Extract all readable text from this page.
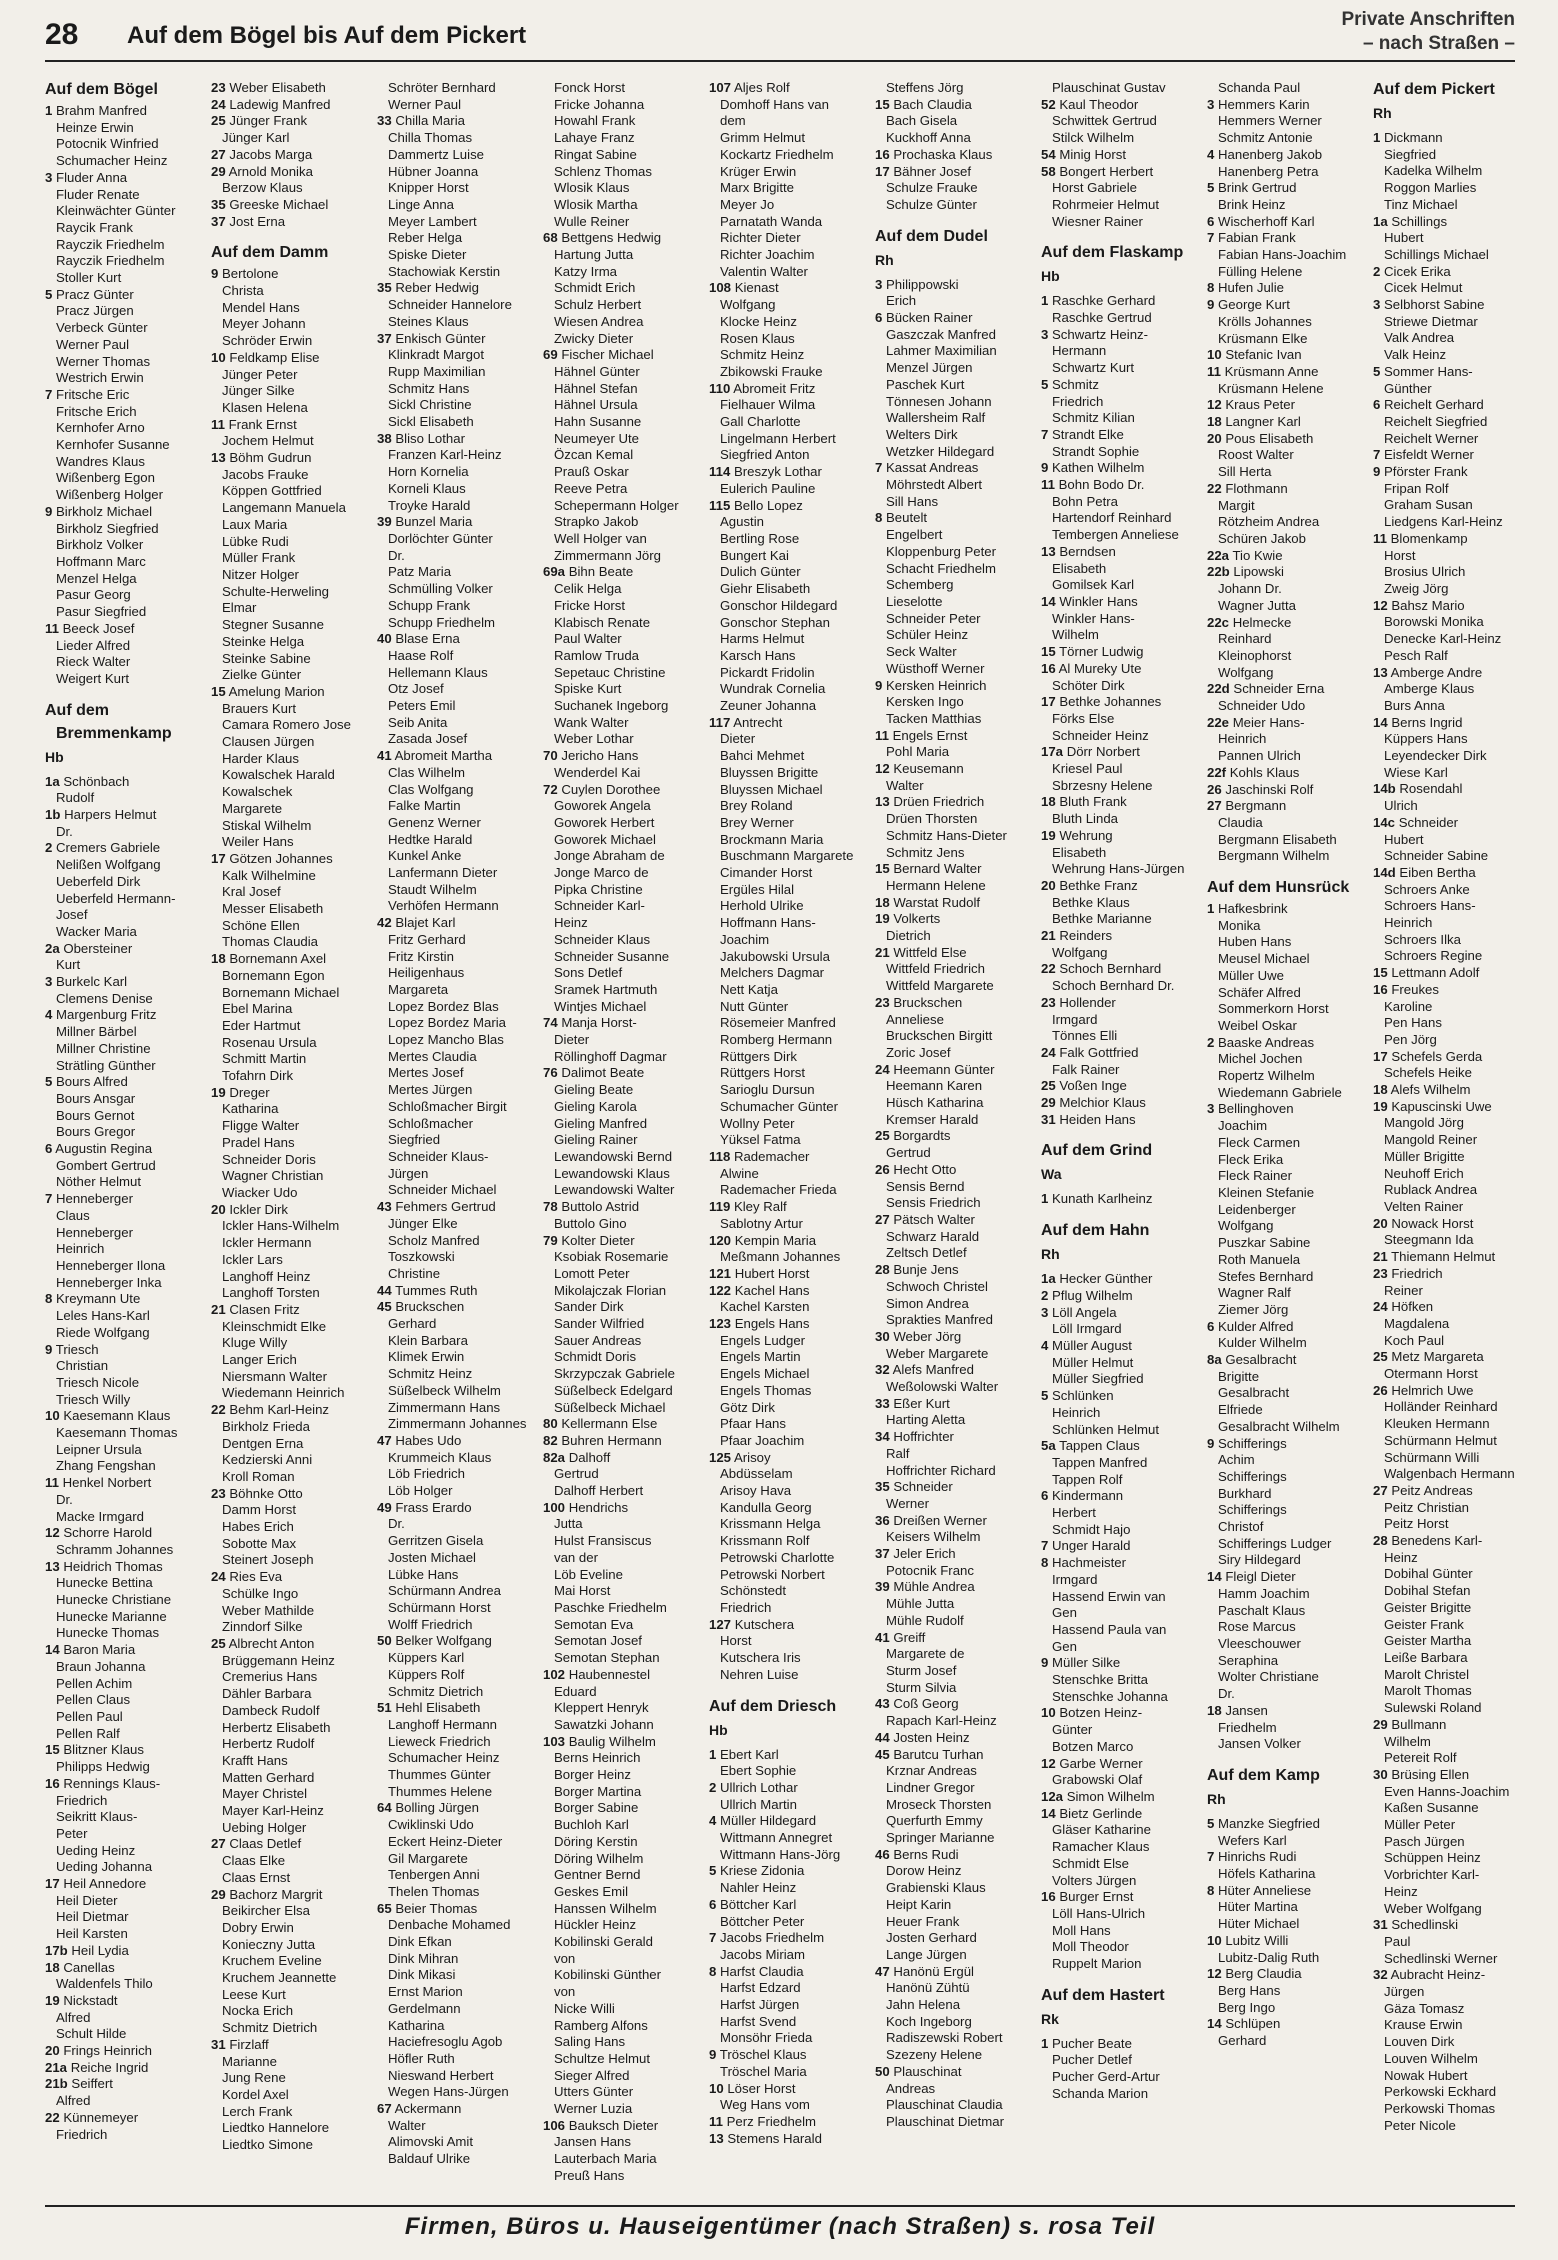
28 Auf dem Bögel bis Auf dem Pickert
Private Anschriften
– nach Straßen –
Auf dem Bögel
1 Brahm Manfred
Heinze Erwin
Potocnik Winfried
Schumacher Heinz
3 Fluder Anna
Fluder Renate
Kleinwächter Günter
Raycik Frank
Rayczik Friedhelm
Rayczik Friedhelm
Stoller Kurt
5 Pracz Günter
Pracz Jürgen
Verbeck Günter
Werner Paul
Werner Thomas
Westrich Erwin
7 Fritsche Eric
Fritsche Erich
Kernhofer Arno
Kernhofer Susanne
Wandres Klaus
Wißenberg Egon
Wißenberg Holger
9 Birkholz Michael
Birkholz Siegfried
Birkholz Volker
Hoffmann Marc
Menzel Helga
Pasur Georg
Pasur Siegfried
11 Beeck Josef
Lieder Alfred
Rieck Walter
Weigert Kurt
Auf dem
Bremmenkamp
Hb
1a Schönbach
Rudolf
1b Harpers Helmut
Dr.
2 Cremers Gabriele
Nelißen Wolfgang
Ueberfeld Dirk
Ueberfeld Hermann-
Josef
Wacker Maria
2a Obersteiner
Kurt
3 Burkelc Karl
Clemens Denise
4 Margenburg Fritz
Millner Bärbel
Millner Christine
Strätling Günther
5 Bours Alfred
Bours Ansgar
Bours Gernot
Bours Gregor
6 Augustin Regina
Gombert Gertrud
Nöther Helmut
7 Henneberger
Claus
Henneberger
Heinrich
Henneberger Ilona
Henneberger Inka
8 Kreymann Ute
Leles Hans-Karl
Riede Wolfgang
9 Triesch
Christian
Triesch Nicole
Triesch Willy
10 Kaesemann Klaus
Kaesemann Thomas
Leipner Ursula
Zhang Fengshan
11 Henkel Norbert
Dr.
Macke Irmgard
12 Schorre Harold
Schramm Johannes
13 Heidrich Thomas
Hunecke Bettina
Hunecke Christiane
Hunecke Marianne
Hunecke Thomas
14 Baron Maria
Braun Johanna
Pellen Achim
Pellen Claus
Pellen Paul
Pellen Ralf
15 Blitzner Klaus
Philipps Hedwig
16 Rennings Klaus-
Friedrich
Seikritt Klaus-
Peter
Ueding Heinz
Ueding Johanna
17 Heil Annedore
Heil Dieter
Heil Dietmar
Heil Karsten
17b Heil Lydia
18 Canellas
Waldenfels Thilo
19 Nickstadt
Alfred
Schult Hilde
20 Frings Heinrich
21a Reiche Ingrid
21b Seiffert
Alfred
22 Künnemeyer
Friedrich
23 Weber Elisabeth
24 Ladewig Manfred
25 Jünger Frank
Jünger Karl
27 Jacobs Marga
29 Arnold Monika
Berzow Klaus
35 Greeske Michael
37 Jost Erna
Auf dem Damm
9 Bertolone
Christa
Mendel Hans
Meyer Johann
Schröder Erwin
10 Feldkamp Elise
Jünger Peter
Jünger Silke
Klasen Helena
11 Frank Ernst
Jochem Helmut
13 Böhm Gudrun
Jacobs Frauke
Köppen Gottfried
Langemann Manuela
Laux Maria
Lübke Rudi
Müller Frank
Nitzer Holger
Schulte-Herweling
Elmar
Stegner Susanne
Steinke Helga
Steinke Sabine
Zielke Günter
15 Amelung Marion
Brauers Kurt
Camara Romero Jose
Clausen Jürgen
Harder Klaus
Kowalschek Harald
Kowalschek
Margarete
Stiskal Wilhelm
Weiler Hans
17 Götzen Johannes
Kalk Wilhelmine
Kral Josef
Messer Elisabeth
Schöne Ellen
Thomas Claudia
18 Bornemann Axel
Bornemann Egon
Bornemann Michael
Ebel Marina
Eder Hartmut
Rosenau Ursula
Schmitt Martin
Tofahrn Dirk
19 Dreger
Katharina
Fligge Walter
Pradel Hans
Schneider Doris
Wagner Christian
Wiacker Udo
20 Ickler Dirk
Ickler Hans-Wilhelm
Ickler Hermann
Ickler Lars
Langhoff Heinz
Langhoff Torsten
21 Clasen Fritz
Kleinschmidt Elke
Kluge Willy
Langer Erich
Niersmann Walter
Wiedemann Heinrich
22 Behm Karl-Heinz
Birkholz Frieda
Dentgen Erna
Kedzierski Anni
Kroll Roman
23 Böhnke Otto
Damm Horst
Habes Erich
Sobotte Max
Steinert Joseph
24 Ries Eva
Schülke Ingo
Weber Mathilde
Zinndorf Silke
25 Albrecht Anton
Brüggemann Heinz
Cremerius Hans
Dähler Barbara
Dambeck Rudolf
Herbertz Elisabeth
Herbertz Rudolf
Krafft Hans
Matten Gerhard
Mayer Christel
Mayer Karl-Heinz
Uebing Holger
27 Claas Detlef
Claas Elke
Claas Ernst
29 Bachorz Margrit
Beikircher Elsa
Dobry Erwin
Konieczny Jutta
Kruchem Eveline
Kruchem Jeannette
Leese Kurt
Nocka Erich
Schmitz Dietrich
31 Firzlaff
Marianne
Jung Rene
Kordel Axel
Lerch Frank
Liedtko Hannelore
Liedtko Simone
Schröter Bernhard
Werner Paul
33 Chilla Maria
Chilla Thomas
Dammertz Luise
Hübner Joanna
Knipper Horst
Linge Anna
Meyer Lambert
Reber Helga
Spiske Dieter
Stachowiak Kerstin
35 Reber Hedwig
Schneider Hannelore
Steines Klaus
37 Enkisch Günter
Klinkradt Margot
Rupp Maximilian
Schmitz Hans
Sickl Christine
Sickl Elisabeth
38 Bliso Lothar
Franzen Karl-Heinz
Horn Kornelia
Korneli Klaus
Troyke Harald
39 Bunzel Maria
Dorlöchter Günter
Dr.
Patz Maria
Schmülling Volker
Schupp Frank
Schupp Friedhelm
40 Blase Erna
Haase Rolf
Hellemann Klaus
Otz Josef
Peters Emil
Seib Anita
Zasada Josef
41 Abromeit Martha
Clas Wilhelm
Clas Wolfgang
Falke Martin
Genenz Werner
Hedtke Harald
Kunkel Anke
Lanfermann Dieter
Staudt Wilhelm
Verhöfen Hermann
42 Blajet Karl
Fritz Gerhard
Fritz Kirstin
Heiligenhaus
Margareta
Lopez Bordez Blas
Lopez Bordez Maria
Lopez Mancho Blas
Mertes Claudia
Mertes Josef
Mertes Jürgen
Schloßmacher Birgit
Schloßmacher
Siegfried
Schneider Klaus-
Jürgen
Schneider Michael
43 Fehmers Gertrud
Jünger Elke
Scholz Manfred
Toszkowski
Christine
44 Tummes Ruth
45 Bruckschen
Gerhard
Klein Barbara
Klimek Erwin
Schmitz Heinz
Süßelbeck Wilhelm
Zimmermann Hans
Zimmermann Johannes
47 Habes Udo
Krummeich Klaus
Löb Friedrich
Löb Holger
49 Frass Erardo
Dr.
Gerritzen Gisela
Josten Michael
Lübke Hans
Schürmann Andrea
Schürmann Horst
Wolff Friedrich
50 Belker Wolfgang
Küppers Karl
Küppers Rolf
Schmitz Dietrich
51 Hehl Elisabeth
Langhoff Hermann
Lieweck Friedrich
Schumacher Heinz
Thummes Günter
Thummes Helene
64 Bolling Jürgen
Cwiklinski Udo
Eckert Heinz-Dieter
Gil Margarete
Tenbergen Anni
Thelen Thomas
65 Beier Thomas
Denbache Mohamed
Dink Efkan
Dink Mihran
Dink Mikasi
Ernst Marion
Gerdelmann
Katharina
Haciefresoglu Agob
Höfler Ruth
Nieswand Herbert
Wegen Hans-Jürgen
67 Ackermann
Walter
Alimovski Amit
Baldauf Ulrike
Fonck Horst
Fricke Johanna
Howahl Frank
Lahaye Franz
Ringat Sabine
Schlenz Thomas
Wlosik Klaus
Wlosik Martha
Wulle Reiner
68 Bettgens Hedwig
Hartung Jutta
Katzy Irma
Schmidt Erich
Schulz Herbert
Wiesen Andrea
Zwicky Dieter
69 Fischer Michael
Hähnel Günter
Hähnel Stefan
Hähnel Ursula
Hahn Susanne
Neumeyer Ute
Özcan Kemal
Prauß Oskar
Reeve Petra
Schepermann Holger
Strapko Jakob
Well Holger van
Zimmermann Jörg
69a Bihn Beate
Celik Helga
Fricke Horst
Klabisch Renate
Paul Walter
Ramlow Truda
Sepetauc Christine
Spiske Kurt
Suchanek Ingeborg
Wank Walter
Weber Lothar
70 Jericho Hans
Wenderdel Kai
72 Cuylen Dorothee
Goworek Angela
Goworek Herbert
Goworek Michael
Jonge Abraham de
Jonge Marco de
Pipka Christine
Schneider Karl-
Heinz
Schneider Klaus
Schneider Susanne
Sons Detlef
Sramek Hartmuth
Wintjes Michael
74 Manja Horst-
Dieter
Röllinghoff Dagmar
76 Dalimot Beate
Gieling Beate
Gieling Karola
Gieling Manfred
Gieling Rainer
Lewandowski Bernd
Lewandowski Klaus
Lewandowski Walter
78 Buttolo Astrid
Buttolo Gino
79 Kolter Dieter
Ksobiak Rosemarie
Lomott Peter
Mikolajczak Florian
Sander Dirk
Sander Wilfried
Sauer Andreas
Schmidt Doris
Skrzypczak Gabriele
Süßelbeck Edelgard
Süßelbeck Michael
80 Kellermann Else
82 Buhren Hermann
82a Dalhoff
Gertrud
Dalhoff Herbert
100 Hendrichs
Jutta
Hulst Fransiscus
van der
Löb Eveline
Mai Horst
Paschke Friedhelm
Semotan Eva
Semotan Josef
Semotan Stephan
102 Haubennestel
Eduard
Kleppert Henryk
Sawatzki Johann
103 Baulig Wilhelm
Berns Heinrich
Borger Heinz
Borger Martina
Borger Sabine
Buchloh Karl
Döring Kerstin
Döring Wilhelm
Gentner Bernd
Geskes Emil
Hanssen Wilhelm
Hückler Heinz
Kobilinski Gerald
von
Kobilinski Günther
von
Nicke Willi
Ramberg Alfons
Saling Hans
Schultze Helmut
Sieger Alfred
Utters Günter
Werner Luzia
106 Bauksch Dieter
Jansen Hans
Lauterbach Maria
Preuß Hans
107 Aljes Rolf
Domhoff Hans van
dem
Grimm Helmut
Kockartz Friedhelm
Krüger Erwin
Marx Brigitte
Meyer Jo
Parnatath Wanda
Richter Dieter
Richter Joachim
Valentin Walter
108 Kienast
Wolfgang
Klocke Heinz
Rosen Klaus
Schmitz Heinz
Zbikowski Frauke
110 Abromeit Fritz
Fielhauer Wilma
Gall Charlotte
Lingelmann Herbert
Siegfried Anton
114 Breszyk Lothar
Eulerich Pauline
115 Bello Lopez
Agustin
Bertling Rose
Bungert Kai
Dulich Günter
Giehr Elisabeth
Gonschor Hildegard
Gonschor Stephan
Harms Helmut
Karsch Hans
Pickardt Fridolin
Wundrak Cornelia
Zeuner Johanna
117 Antrecht
Dieter
Bahci Mehmet
Bluyssen Brigitte
Bluyssen Michael
Brey Roland
Brey Werner
Brockmann Maria
Buschmann Margarete
Cimander Horst
Ergüles Hilal
Herhold Ulrike
Hoffmann Hans-
Joachim
Jakubowski Ursula
Melchers Dagmar
Nett Katja
Nutt Günter
Rösemeier Manfred
Romberg Hermann
Rüttgers Dirk
Rüttgers Horst
Sarioglu Dursun
Schumacher Günter
Wollny Peter
Yüksel Fatma
118 Rademacher
Alwine
Rademacher Frieda
119 Kley Ralf
Sablotny Artur
120 Kempin Maria
Meßmann Johannes
121 Hubert Horst
122 Kachel Hans
Kachel Karsten
123 Engels Hans
Engels Ludger
Engels Martin
Engels Michael
Engels Thomas
Götz Dirk
Pfaar Hans
Pfaar Joachim
125 Arisoy
Abdüsselam
Arisoy Hava
Kandulla Georg
Krissmann Helga
Krissmann Rolf
Petrowski Charlotte
Petrowski Norbert
Schönstedt
Friedrich
127 Kutschera
Horst
Kutschera Iris
Nehren Luise
Auf dem Driesch
Hb
1 Ebert Karl
Ebert Sophie
2 Ullrich Lothar
Ullrich Martin
4 Müller Hildegard
Wittmann Annegret
Wittmann Hans-Jörg
5 Kriese Zidonia
Nahler Heinz
6 Böttcher Karl
Böttcher Peter
7 Jacobs Friedhelm
Jacobs Miriam
8 Harfst Claudia
Harfst Edzard
Harfst Jürgen
Harfst Svend
Monsöhr Frieda
9 Tröschel Klaus
Tröschel Maria
10 Löser Horst
Weg Hans vom
11 Perz Friedhelm
13 Stemens Harald
Steffens Jörg
15 Bach Claudia
Bach Gisela
Kuckhoff Anna
16 Prochaska Klaus
17 Bähner Josef
Schulze Frauke
Schulze Günter
Auf dem Dudel
Rh
3 Philippowski
Erich
6 Bücken Rainer
Gaszczak Manfred
Lahmer Maximilian
Menzel Jürgen
Paschek Kurt
Tönnesen Johann
Wallersheim Ralf
Welters Dirk
Wetzker Hildegard
7 Kassat Andreas
Möhrstedt Albert
Sill Hans
8 Beutelt
Engelbert
Kloppenburg Peter
Schacht Friedhelm
Schemberg
Lieselotte
Schneider Peter
Schüler Heinz
Seck Walter
Wüsthoff Werner
9 Kersken Heinrich
Kersken Ingo
Tacken Matthias
11 Engels Ernst
Pohl Maria
12 Keusemann
Walter
13 Drüen Friedrich
Drüen Thorsten
Schmitz Hans-Dieter
Schmitz Jens
15 Bernard Walter
Hermann Helene
18 Warstat Rudolf
19 Volkerts
Dietrich
21 Wittfeld Else
Wittfeld Friedrich
Wittfeld Margarete
23 Bruckschen
Anneliese
Bruckschen Birgitt
Zoric Josef
24 Heemann Günter
Heemann Karen
Hüsch Katharina
Kremser Harald
25 Borgardts
Gertrud
26 Hecht Otto
Sensis Bernd
Sensis Friedrich
27 Pätsch Walter
Schwarz Harald
Zeltsch Detlef
28 Bunje Jens
Schwoch Christel
Simon Andrea
Sprakties Manfred
30 Weber Jörg
Weber Margarete
32 Alefs Manfred
Weßolowski Walter
33 Eßer Kurt
Harting Aletta
34 Hoffrichter
Ralf
Hoffrichter Richard
35 Schneider
Werner
36 Dreißen Werner
Keisers Wilhelm
37 Jeler Erich
Potocnik Franc
39 Mühle Andrea
Mühle Jutta
Mühle Rudolf
41 Greiff
Margarete de
Sturm Josef
Sturm Silvia
43 Coß Georg
Rapach Karl-Heinz
44 Josten Heinz
45 Barutcu Turhan
Krznar Andreas
Lindner Gregor
Mroseck Thorsten
Querfurth Emmy
Springer Marianne
46 Berns Rudi
Dorow Heinz
Grabienski Klaus
Heipt Karin
Heuer Frank
Josten Gerhard
Lange Jürgen
47 Hanönü Ergül
Hanönü Zühtü
Jahn Helena
Koch Ingeborg
Radiszewski Robert
Szezeny Helene
50 Plauschinat
Andreas
Plauschinat Claudia
Plauschinat Dietmar
Plauschinat Gustav
52 Kaul Theodor
Schwittek Gertrud
Stilck Wilhelm
54 Minig Horst
58 Bongert Herbert
Horst Gabriele
Rohrmeier Helmut
Wiesner Rainer
Auf dem Flaskamp
Hb
1 Raschke Gerhard
Raschke Gertrud
3 Schwartz Heinz-
Hermann
Schwartz Kurt
5 Schmitz
Friedrich
Schmitz Kilian
7 Strandt Elke
Strandt Sophie
9 Kathen Wilhelm
11 Bohn Bodo Dr.
Bohn Petra
Hartendorf Reinhard
Tembergen Anneliese
13 Berndsen
Elisabeth
Gomilsek Karl
14 Winkler Hans
Winkler Hans-
Wilhelm
15 Törner Ludwig
16 Al Mureky Ute
Schöter Dirk
17 Bethke Johannes
Förks Else
Schneider Heinz
17a Dörr Norbert
Kriesel Paul
Sbrzesny Helene
18 Bluth Frank
Bluth Linda
19 Wehrung
Elisabeth
Wehrung Hans-Jürgen
20 Bethke Franz
Bethke Klaus
Bethke Marianne
21 Reinders
Wolfgang
22 Schoch Bernhard
Schoch Bernhard Dr.
23 Hollender
Irmgard
Tönnes Elli
24 Falk Gottfried
Falk Rainer
25 Voßen Inge
29 Melchior Klaus
31 Heiden Hans
Auf dem Grind
Wa
1 Kunath Karlheinz
Auf dem Hahn
Rh
1a Hecker Günther
2 Pflug Wilhelm
3 Löll Angela
Löll Irmgard
4 Müller August
Müller Helmut
Müller Siegfried
5 Schlünken
Heinrich
Schlünken Helmut
5a Tappen Claus
Tappen Manfred
Tappen Rolf
6 Kindermann
Herbert
Schmidt Hajo
7 Unger Harald
8 Hachmeister
Irmgard
Hassend Erwin van
Gen
Hassend Paula van
Gen
9 Müller Silke
Stenschke Britta
Stenschke Johanna
10 Botzen Heinz-
Günter
Botzen Marco
12 Garbe Werner
Grabowski Olaf
12a Simon Wilhelm
14 Bietz Gerlinde
Gläser Katharine
Ramacher Klaus
Schmidt Else
Volters Jürgen
16 Burger Ernst
Löll Hans-Ulrich
Moll Hans
Moll Theodor
Ruppelt Marion
Auf dem Hastert
Rk
1 Pucher Beate
Pucher Detlef
Pucher Gerd-Artur
Schanda Marion
Schanda Paul
3 Hemmers Karin
Hemmers Werner
Schmitz Antonie
4 Hanenberg Jakob
Hanenberg Petra
5 Brink Gertrud
Brink Heinz
6 Wischerhoff Karl
7 Fabian Frank
Fabian Hans-Joachim
Fülling Helene
8 Hufen Julie
9 George Kurt
Krölls Johannes
Krüsmann Elke
10 Stefanic Ivan
11 Krüsmann Anne
Krüsmann Helene
12 Kraus Peter
18 Langner Karl
20 Pous Elisabeth
Roost Walter
Sill Herta
22 Flothmann
Margit
Rötzheim Andrea
Schüren Jakob
22a Tio Kwie
22b Lipowski
Johann Dr.
Wagner Jutta
22c Helmecke
Reinhard
Kleinophorst
Wolfgang
22d Schneider Erna
Schneider Udo
22e Meier Hans-
Heinrich
Pannen Ulrich
22f Kohls Klaus
26 Jaschinski Rolf
27 Bergmann
Claudia
Bergmann Elisabeth
Bergmann Wilhelm
Auf dem Hunsrück
1 Hafkesbrink
Monika
Huben Hans
Meusel Michael
Müller Uwe
Schäfer Alfred
Sommerkorn Horst
Weibel Oskar
2 Baaske Andreas
Michel Jochen
Ropertz Wilhelm
Wiedemann Gabriele
3 Bellinghoven
Joachim
Fleck Carmen
Fleck Erika
Fleck Rainer
Kleinen Stefanie
Leidenberger
Wolfgang
Puszkar Sabine
Roth Manuela
Stefes Bernhard
Wagner Ralf
Ziemer Jörg
6 Kulder Alfred
Kulder Wilhelm
8a Gesalbracht
Brigitte
Gesalbracht
Elfriede
Gesalbracht Wilhelm
9 Schifferings
Achim
Schifferings
Burkhard
Schifferings
Christof
Schifferings Ludger
Siry Hildegard
14 Fleigl Dieter
Hamm Joachim
Paschalt Klaus
Rose Marcus
Vleeschouwer
Seraphina
Wolter Christiane
Dr.
18 Jansen
Friedhelm
Jansen Volker
Auf dem Kamp
Rh
5 Manzke Siegfried
Wefers Karl
7 Hinrichs Rudi
Höfels Katharina
8 Hüter Anneliese
Hüter Martina
Hüter Michael
10 Lubitz Willi
Lubitz-Dalig Ruth
12 Berg Claudia
Berg Hans
Berg Ingo
14 Schlüpen
Gerhard
Auf dem Pickert
Rh
1 Dickmann
Siegfried
Kadelka Wilhelm
Roggon Marlies
Tinz Michael
1a Schillings
Hubert
Schillings Michael
2 Cicek Erika
Cicek Helmut
3 Selbhorst Sabine
Striewe Dietmar
Valk Andrea
Valk Heinz
5 Sommer Hans-
Günther
6 Reichelt Gerhard
Reichelt Siegfried
Reichelt Werner
7 Eisfeldt Werner
9 Pförster Frank
Fripan Rolf
Graham Susan
Liedgens Karl-Heinz
11 Blomenkamp
Horst
Brosius Ulrich
Zweig Jörg
12 Bahsz Mario
Borowski Monika
Denecke Karl-Heinz
Pesch Ralf
13 Amberge Andre
Amberge Klaus
Burs Anna
14 Berns Ingrid
Küppers Hans
Leyendecker Dirk
Wiese Karl
14b Rosendahl
Ulrich
14c Schneider
Hubert
Schneider Sabine
14d Eiben Bertha
Schroers Anke
Schroers Hans-
Heinrich
Schroers Ilka
Schroers Regine
15 Lettmann Adolf
16 Freukes
Karoline
Pen Hans
Pen Jörg
17 Schefels Gerda
Schefels Heike
18 Alefs Wilhelm
19 Kapuscinski Uwe
Mangold Jörg
Mangold Reiner
Müller Brigitte
Neuhoff Erich
Rublack Andrea
Velten Rainer
20 Nowack Horst
Steegmann Ida
21 Thiemann Helmut
23 Friedrich
Reiner
24 Höfken
Magdalena
Koch Paul
25 Metz Margareta
Otermann Horst
26 Helmrich Uwe
Holländer Reinhard
Kleuken Hermann
Schürmann Helmut
Schürmann Willi
Walgenbach Hermann
27 Peitz Andreas
Peitz Christian
Peitz Horst
28 Benedens Karl-
Heinz
Dobihal Günter
Dobihal Stefan
Geister Brigitte
Geister Frank
Geister Martha
Leiße Barbara
Marolt Christel
Marolt Thomas
Sulewski Roland
29 Bullmann
Wilhelm
Petereit Rolf
30 Brüsing Ellen
Even Hanns-Joachim
Kaßen Susanne
Müller Peter
Pasch Jürgen
Schüppen Heinz
Vorbrichter Karl-
Heinz
Weber Wolfgang
31 Schedlinski
Paul
Schedlinski Werner
32 Aubracht Heinz-
Jürgen
Gäza Tomasz
Krause Erwin
Louven Dirk
Louven Wilhelm
Nowak Hubert
Perkowski Eckhard
Perkowski Thomas
Peter Nicole
Firmen, Büros u. Hauseigentümer (nach Straßen) s. rosa Teil
